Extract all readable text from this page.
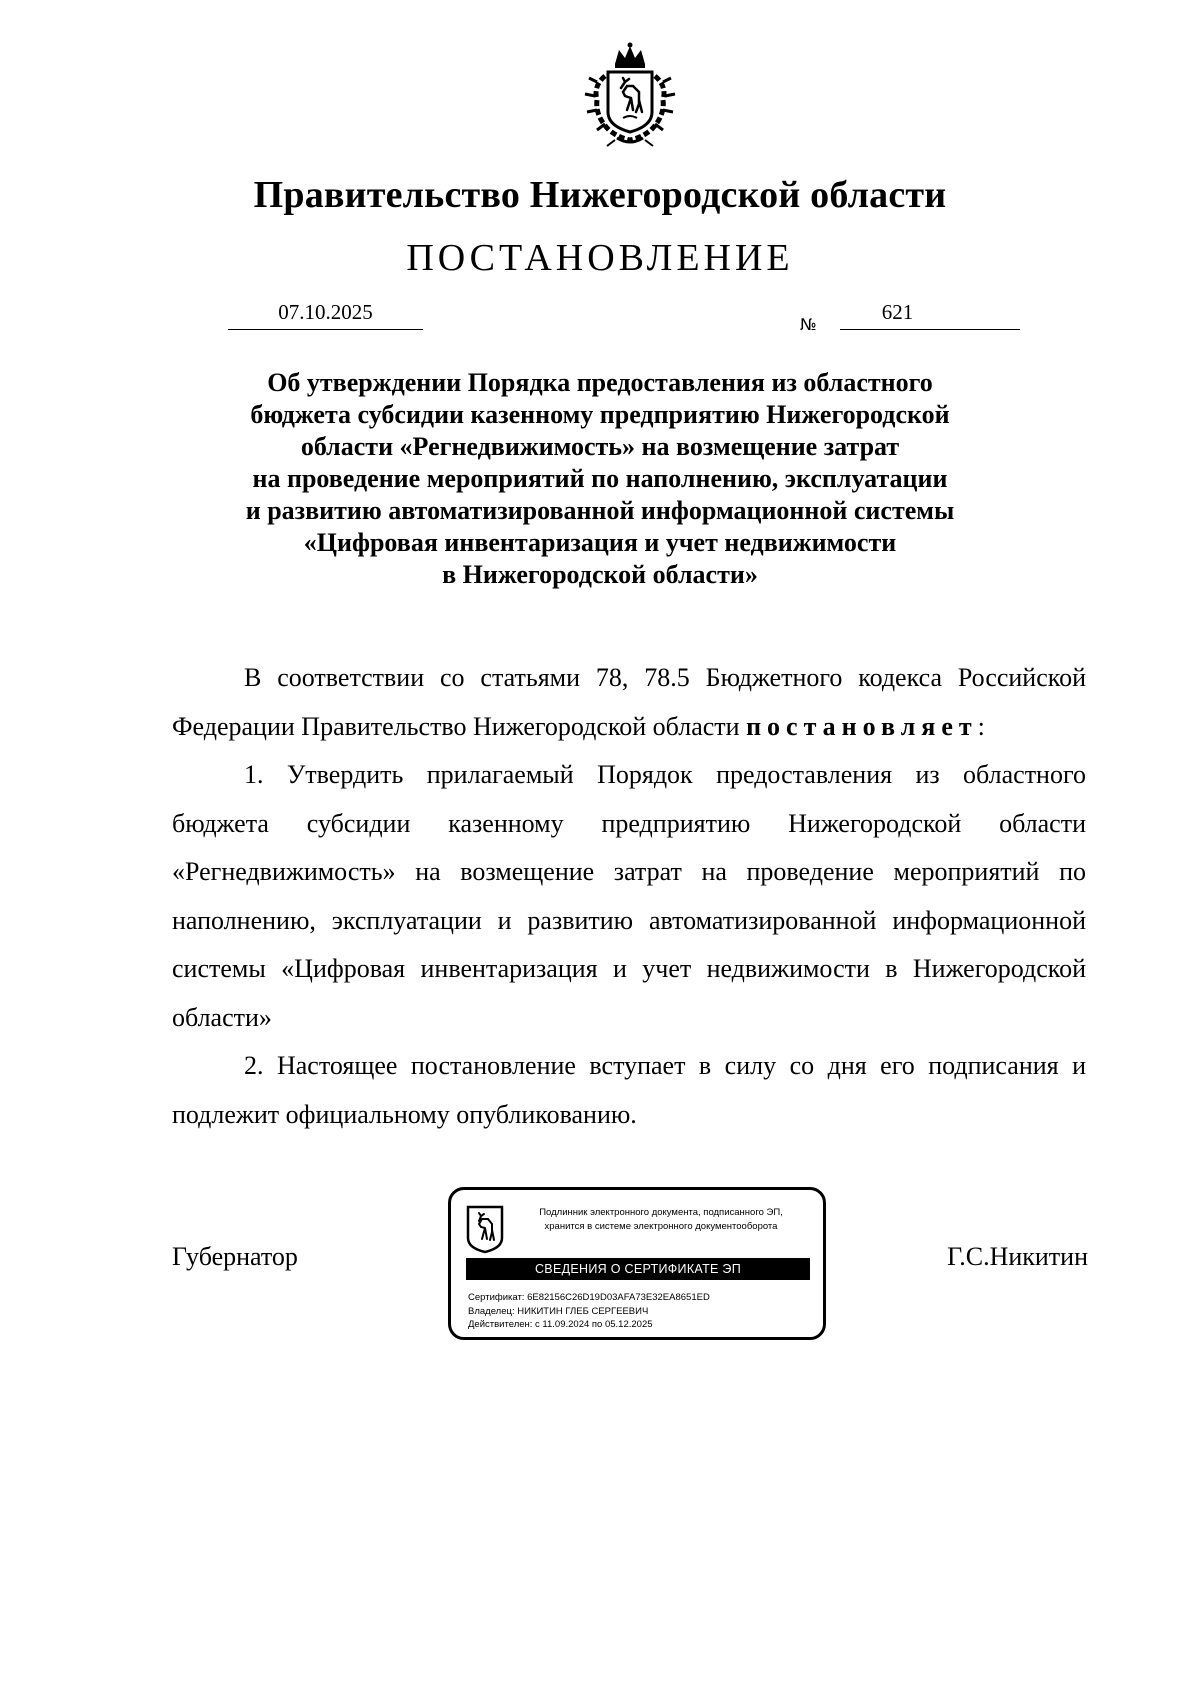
Правительство Нижегородской области
ПОСТАНОВЛЕНИЕ
07.10.2025
№
621
Об утверждении Порядка предоставления из областного
бюджета субсидии казенному предприятию Нижегородской
области «Регнедвижимость» на возмещение затрат
на проведение мероприятий по наполнению, эксплуатации
и развитию автоматизированной информационной системы
«Цифровая инвентаризация и учет недвижимости
в Нижегородской области»

В соответствии со статьями 78, 78.5 Бюджетного кодекса Российской Федерации Правительство Нижегородской области постановляет:

1. Утвердить прилагаемый Порядок предоставления из областного бюджета субсидии казенному предприятию Нижегородской области «Регнедвижимость» на возмещение затрат на проведение мероприятий по наполнению, эксплуатации и развитию автоматизированной информационной системы «Цифровая инвентаризация и учет недвижимости в Нижегородской области»

2. Настоящее постановление вступает в силу со дня его подписания и подлежит официальному опубликованию.

Губернатор	Г.С.Никитин
Подлинник электронного документа, подписанного ЭП,
хранится в системе электронного документооборота
СВЕДЕНИЯ О СЕРТИФИКАТЕ ЭП
Сертификат: 6E82156C26D19D03AFA73E32EA8651ED
Владелец: НИКИТИН ГЛЕБ СЕРГЕЕВИЧ
Действителен: с 11.09.2024 по 05.12.2025
